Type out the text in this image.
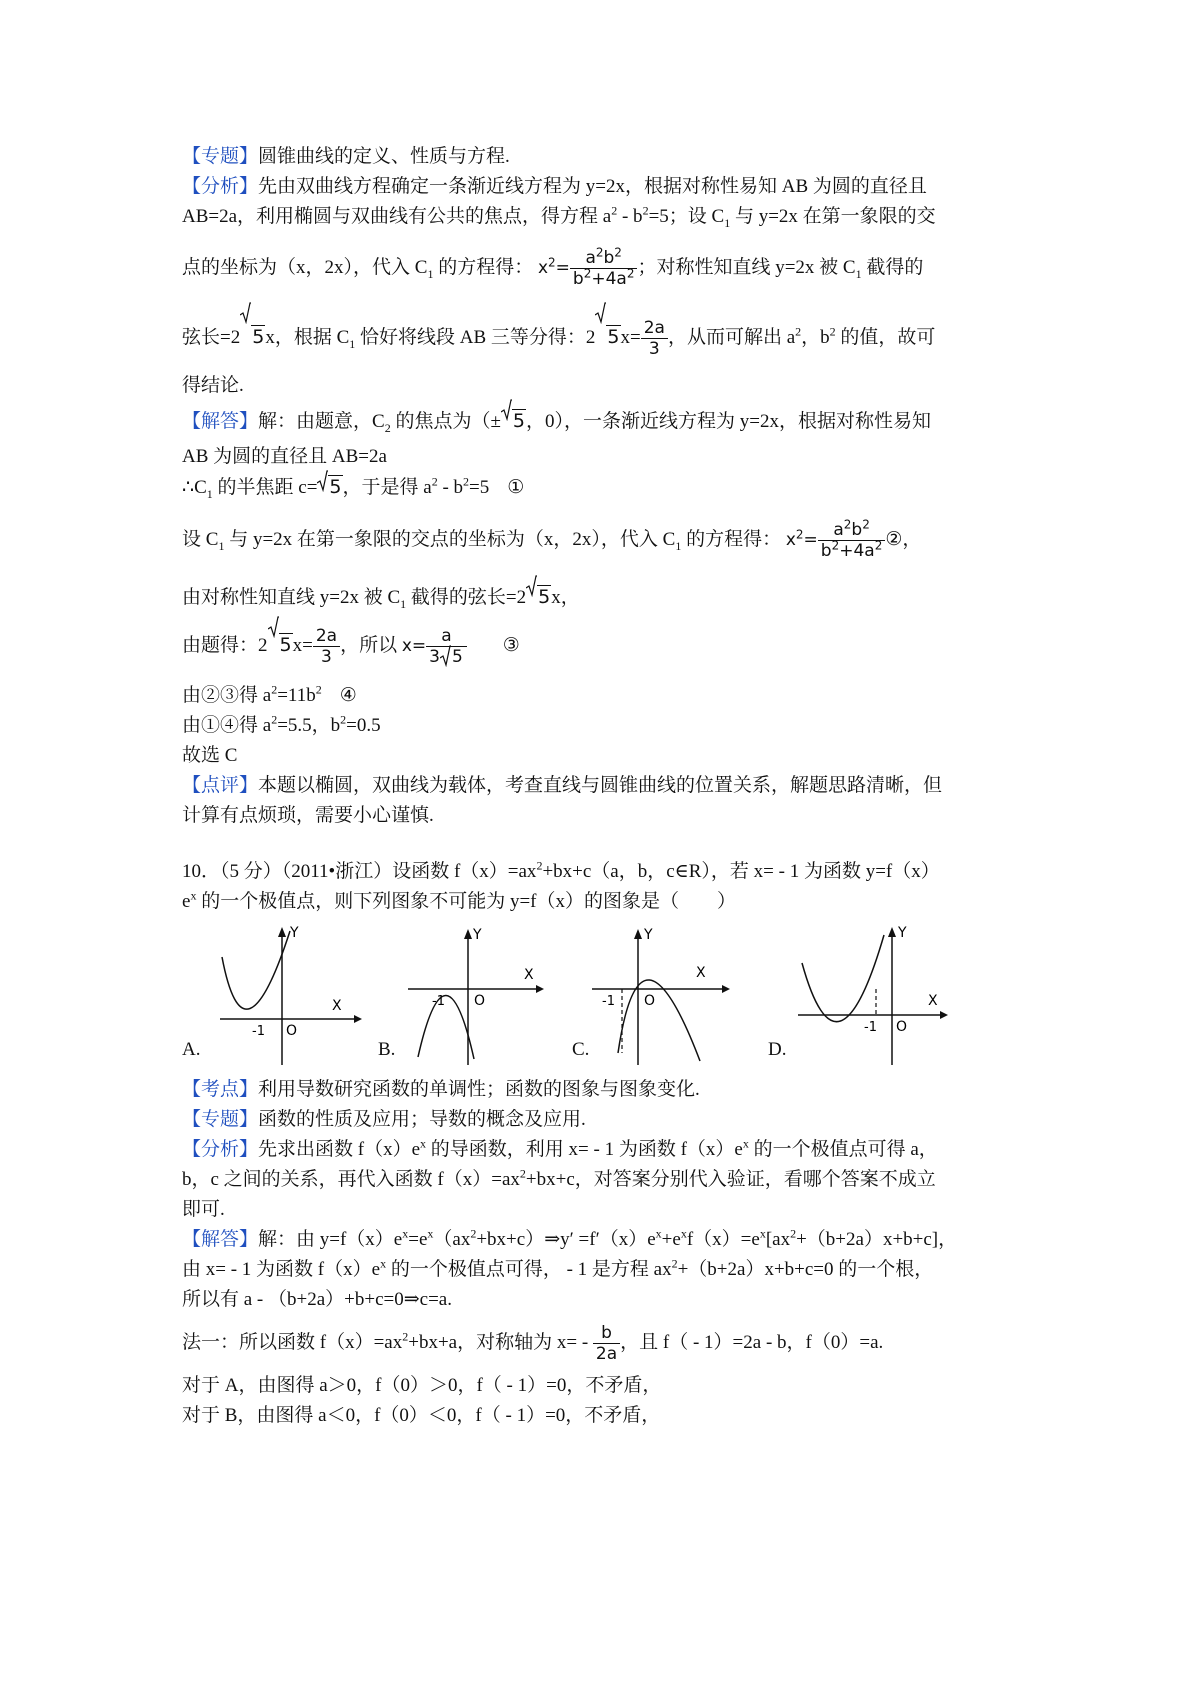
【专题】圆锥曲线的定义、性质与方程.

【分析】先由双曲线方程确定一条渐近线方程为 y=2x，根据对称性易知 AB 为圆的直径且

AB=2a，利用椭圆与双曲线有公共的焦点，得方程 $a^2 - b^2=5$；设 $C_1$ 与 y=2x 在第一象限的交

点的坐标为（x，2x），代入 $C_1$ 的方程得： $x^2= \frac{a^2b^2}{b^2+4a^2}$ ；对称性知直线 y=2x 被 $C_1$ 截得的

弦长=2 5x，根据 $C_1$ 恰好将线段 AB 三等分得：2 $5x= \frac{2a}{3}$ ，从而可解出 $a^2$，$b^2$ 的值，故可

得结论.

【解答】解：由题意，$C_2$ 的焦点为（± 5，0），一条渐近线方程为 y=2x，根据对称性易知

AB 为圆的直径且 AB=2a

$\therefore C_1$ 的半焦距 c= 5，于是得 $a^2 - b^2=5$ ①

设 $C_1$ 与 y=2x 在第一象限的交点的坐标为（x，2x），代入 $C_1$ 的方程得： $x^2= \frac{a^2b^2}{b^2+4a^2}$ ②，

由对称性知直线 y=2x 被 $C_1$ 截得的弦长=2 5x，

由题得：2 $5x= \frac{2a}{3}$ ，所以 $x= \frac{a}{3 5}$ ③

由②③得 $a^2=11b^2$ ④

由①④得 $a^2=5.5$，$b^2=0.5$

故选 C

【点评】本题以椭圆，双曲线为载体，考查直线与圆锥曲线的位置关系，解题思路清晰，但

计算有点烦琐，需要小心谨慎.

10．（5 分）（2011•浙江）设函数 $f(x)=ax^2+bx+c(a$，b，c∈R），若 x= - 1 为函数 y=f（x）

$e^x$ 的一个极值点，则下列图象不可能为 y=f（x）的图象是（　　）

Y
X
-1 O
A.
Y
X
-1 O
B.
Y
X
-1 O
C.
Y
X
-1 O
D.

【考点】利用导数研究函数的单调性；函数的图象与图象变化.

【专题】函数的性质及应用；导数的概念及应用.

【分析】先求出函数 $f(x)e^x$ 的导函数，利用 x= - 1 为函数 $f(x)e^x$ 的一个极值点可得 a，

b，c 之间的关系，再代入函数 $f(x)=ax^2+bx+c$，对答案分别代入验证，看哪个答案不成立

即可.

【解答】解：由 $y=f(x)e^x=e^x(ax^2+bx+c)\Rightarrow y' =f'(x)e^x+e^xf(x)=e^x[ax^2+(b+2a)x+b+c]$，

由 x= - 1 为函数 $f(x)e^x$ 的一个极值点可得， - 1 是方程 $ax^2+(b+2a)x+b+c=0$ 的一个根，

所以有 a - （b+2a）+b+c=0⇒c=a.

法一：所以函数 $f(x)=ax^2+bx+a$，对称轴为 $x= - \frac{b}{2a}$ ，且 f（ - 1）=2a - b，f（0）=a.

对于 A，由图得 a＞0，f（0）＞0，f（ - 1）=0，不矛盾，

对于 B，由图得 a＜0，f（0）＜0，f（ - 1）=0，不矛盾，
